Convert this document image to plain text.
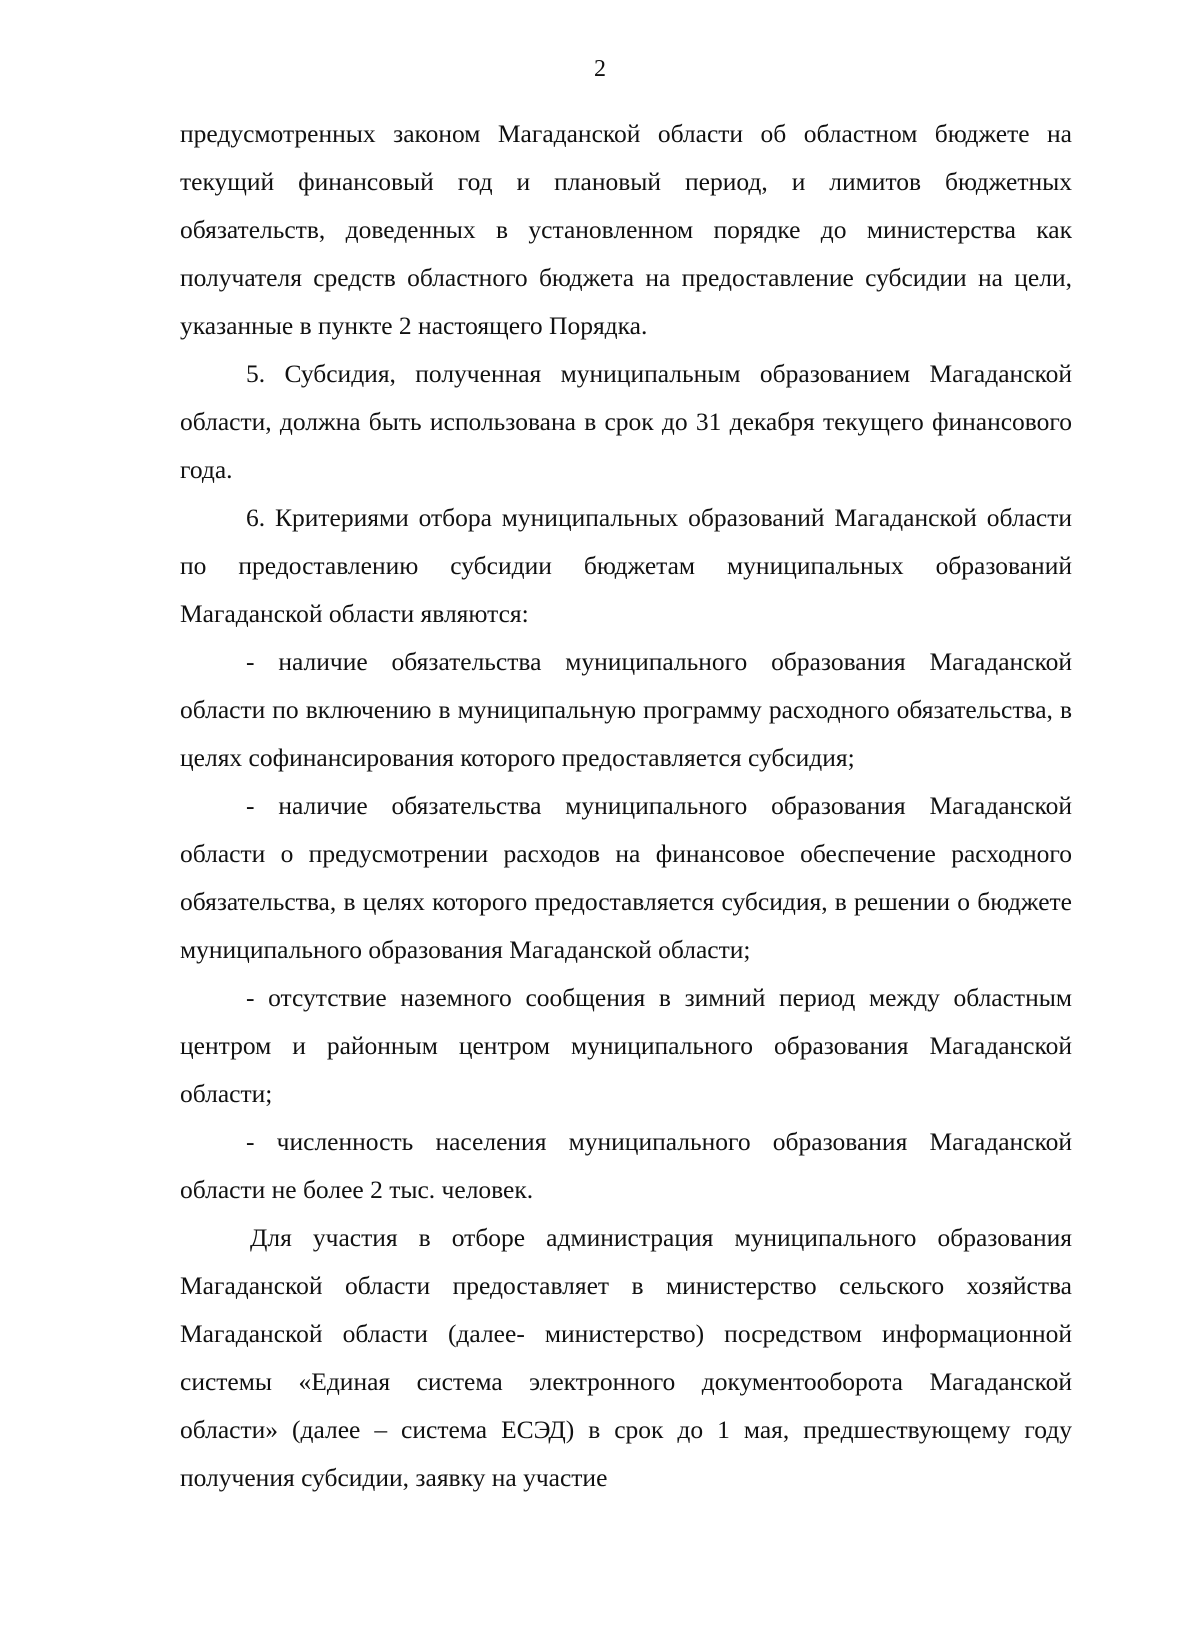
2

предусмотренных законом Магаданской области об областном бюджете на текущий финансовый год и плановый период, и лимитов бюджетных обязательств, доведенных в установленном порядке до министерства как получателя средств областного бюджета на предоставление субсидии на цели, указанные в пункте 2 настоящего Порядка.

5. Субсидия, полученная муниципальным образованием Магаданской области, должна быть использована в срок до 31 декабря текущего финансового года.

6. Критериями отбора муниципальных образований Магаданской области по предоставлению субсидии бюджетам муниципальных образований Магаданской области являются:

- наличие обязательства муниципального образования Магаданской области по включению в муниципальную программу расходного обязательства, в целях софинансирования которого предоставляется субсидия;

- наличие обязательства муниципального образования Магаданской области о предусмотрении расходов на финансовое обеспечение расходного обязательства, в целях которого предоставляется субсидия, в решении о бюджете муниципального образования Магаданской области;

- отсутствие наземного сообщения в зимний период между областным центром и районным центром муниципального образования Магаданской области;

- численность населения муниципального образования Магаданской области не более 2 тыс. человек.

Для участия в отборе администрация муниципального образования Магаданской области предоставляет в министерство сельского хозяйства Магаданской области (далее- министерство) посредством информационной системы «Единая система электронного документооборота Магаданской области» (далее – система ЕСЭД) в срок до 1 мая, предшествующему году получения субсидии, заявку на участие
